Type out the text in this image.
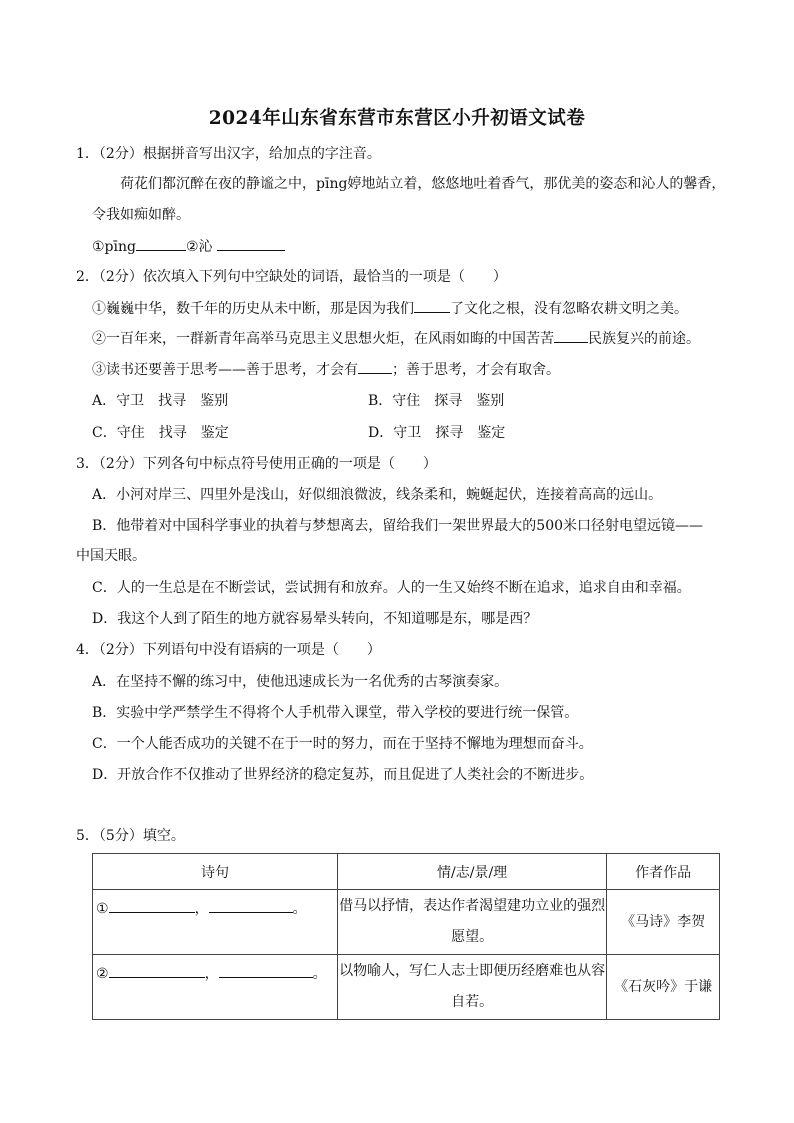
2024年山东省东营市东营区小升初语文试卷
1．（2分）根据拼音写出汉字，给加点的字注音。
荷花们都沉醉在夜的静谧之中，pīng婷地站立着，悠悠地吐着香气，那优美的姿态和沁人的馨香，
令我如痴如醉。
①pīng	②沁
2．（2分）依次填入下列句中空缺处的词语，最恰当的一项是（　　）
①巍巍中华，数千年的历史从未中断，那是因为我们	了文化之根，没有忽略农耕文明之美。
②一百年来，一群新青年高举马克思主义思想火炬，在风雨如晦的中国苦苦 民族复兴的前途。
③读书还要善于思考——善于思考，才会有 ；善于思考，才会有取舍。
A．守卫　找寻　鉴别	B．守住　探寻　鉴别
C．守住　找寻　鉴定	D．守卫　探寻　鉴定
3．（2分）下列各句中标点符号使用正确的一项是（　　）
A．小河对岸三、四里外是浅山，好似细浪微波，线条柔和，蜿蜒起伏，连接着高高的远山。
B．他带着对中国科学事业的执着与梦想离去，留给我们一架世界最大的500米口径射电望远镜——
中国天眼。
C．人的一生总是在不断尝试，尝试拥有和放弃。人的一生又始终不断在追求，追求自由和幸福。
D．我这个人到了陌生的地方就容易晕头转向，不知道哪是东，哪是西？
4．（2分）下列语句中没有语病的一项是（　　）
A．在坚持不懈的练习中，使他迅速成长为一名优秀的古琴演奏家。
B．实验中学严禁学生不得将个人手机带入课堂，带入学校的要进行统一保管。
C．一个人能否成功的关键不在于一时的努力，而在于坚持不懈地为理想而奋斗。
D．开放合作不仅推动了世界经济的稳定复苏，而且促进了人类社会的不断进步。
5．（5分）填空。
诗句	情/志/景/理	作者作品

① ， 。	借马以抒情，表达作者渴望建功立业的强烈愿望。	《马诗》李贺

② ， 。	以物喻人，写仁人志士即便历经磨难也从容自若。	《石灰吟》于谦
